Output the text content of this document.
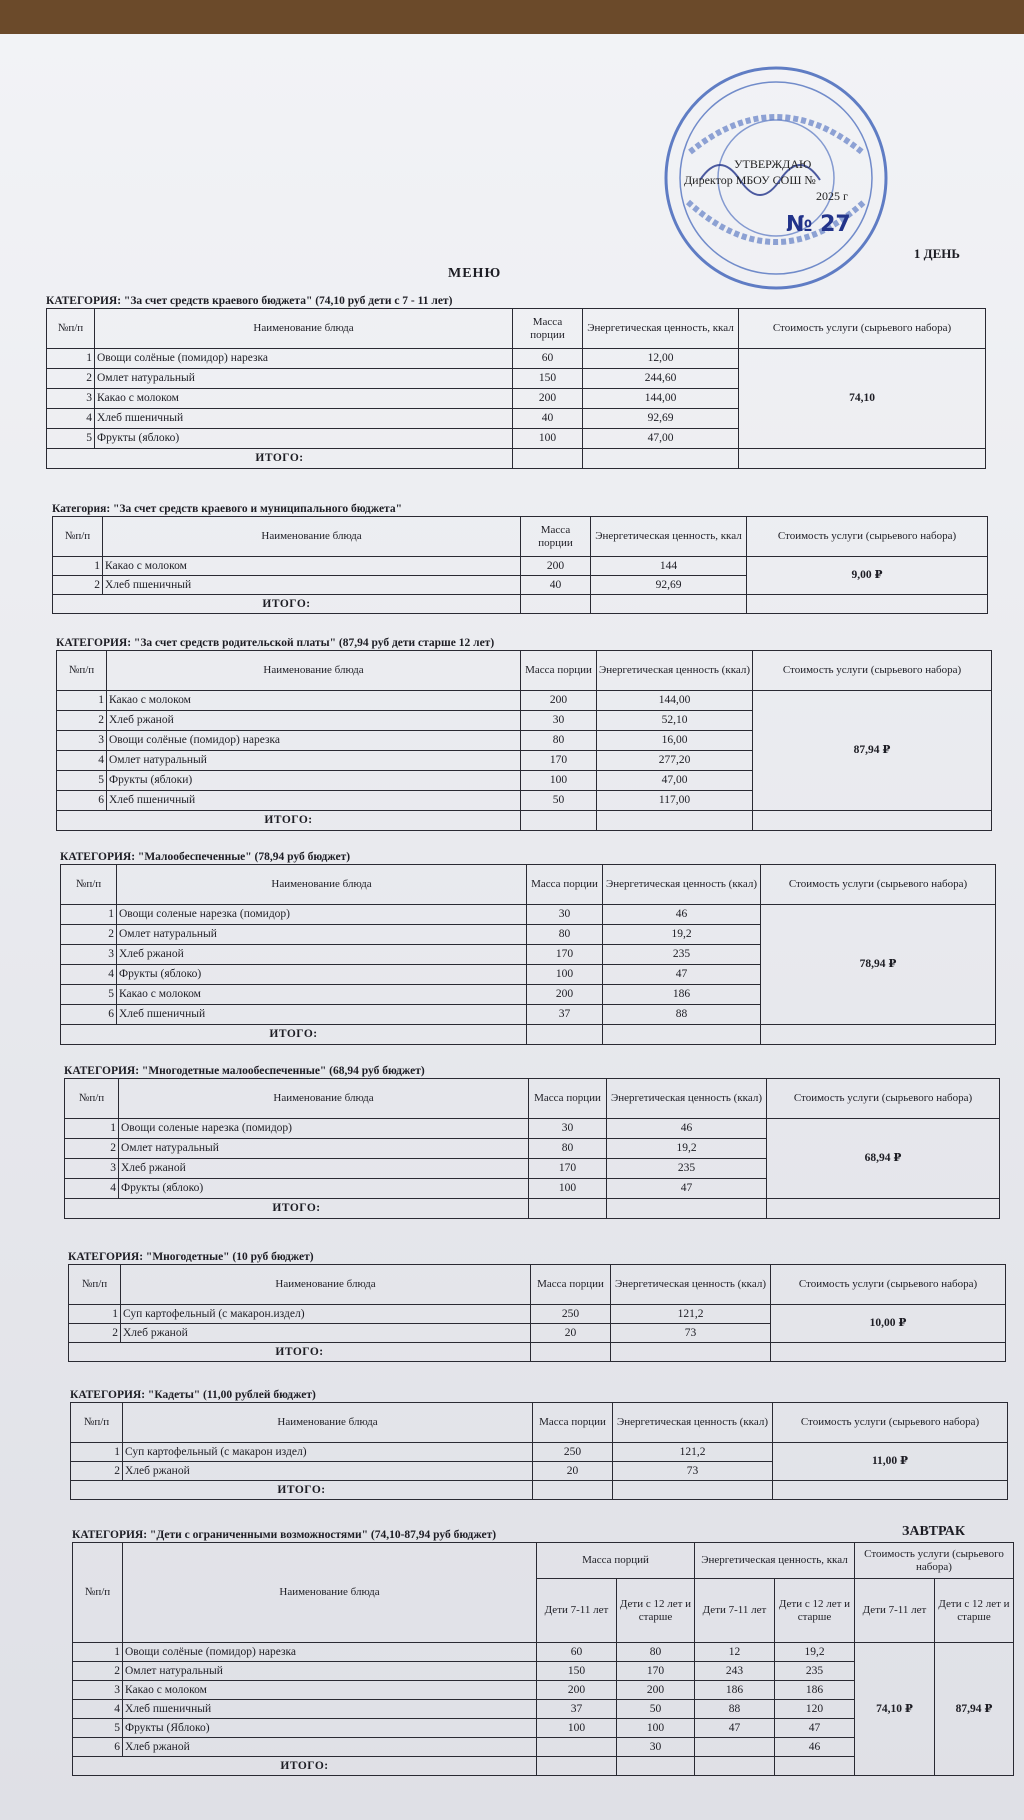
УТВЕРЖДАЮ
Директор МБОУ СОШ №
2025 г
№ 27
1 ДЕНЬ
МЕНЮ
КАТЕГОРИЯ: "За счет средств краевого бюджета" (74,10 руб дети с 7 - 11 лет)
№п/п	Наименование блюда	Масса порции	Энергетическая ценность, ккал	Стоимость услуги (сырьевого набора)
1	Овощи солёные (помидор) нарезка	60	12,00	74,10
2	Омлет натуральный	150	244,60	
3	Какао с молоком	200	144,00	
4	Хлеб пшеничный	40	92,69	
5	Фрукты (яблоко)	100	47,00	
ИТОГО:				
Категория: "За счет средств краевого и муниципального бюджета"
№п/п	Наименование блюда	Масса порции	Энергетическая ценность, ккал	Стоимость услуги (сырьевого набора)
1	Какао с молоком	200	144	9,00 ₽
2	Хлеб пшеничный	40	92,69	
ИТОГО:				
КАТЕГОРИЯ: "За счет средств родительской платы" (87,94 руб дети старше 12 лет)
№п/п	Наименование блюда	Масса порции	Энергетическая ценность (ккал)	Стоимость услуги (сырьевого набора)
1	Какао с молоком	200	144,00	87,94 ₽
2	Хлеб ржаной	30	52,10	
3	Овощи солёные (помидор) нарезка	80	16,00	
4	Омлет натуральный	170	277,20	
5	Фрукты (яблоки)	100	47,00	
6	Хлеб пшеничный	50	117,00	
ИТОГО:				
КАТЕГОРИЯ: "Малообеспеченные" (78,94 руб бюджет)
№п/п	Наименование блюда	Масса порции	Энергетическая ценность (ккал)	Стоимость услуги (сырьевого набора)
1	Овощи соленые нарезка (помидор)	30	46	78,94 ₽
2	Омлет натуральный	80	19,2	
3	Хлеб ржаной	170	235	
4	Фрукты (яблоко)	100	47	
5	Какао с молоком	200	186	
6	Хлеб пшеничный	37	88	
ИТОГО:				
КАТЕГОРИЯ: "Многодетные малообеспеченные" (68,94 руб бюджет)
№п/п	Наименование блюда	Масса порции	Энергетическая ценность (ккал)	Стоимость услуги (сырьевого набора)
1	Овощи соленые нарезка (помидор)	30	46	68,94 ₽
2	Омлет натуральный	80	19,2	
3	Хлеб ржаной	170	235	
4	Фрукты (яблоко)	100	47	
ИТОГО:				
КАТЕГОРИЯ: "Многодетные" (10 руб бюджет)
№п/п	Наименование блюда	Масса порции	Энергетическая ценность (ккал)	Стоимость услуги (сырьевого набора)
1	Суп картофельный (с макарон.издел)	250	121,2	10,00 ₽
2	Хлеб ржаной	20	73	
ИТОГО:				
КАТЕГОРИЯ: "Кадеты" (11,00 рублей бюджет)
№п/п	Наименование блюда	Масса порции	Энергетическая ценность (ккал)	Стоимость услуги (сырьевого набора)
1	Суп картофельный (с макарон издел)	250	121,2	11,00 ₽
2	Хлеб ржаной	20	73	
ИТОГО:				
ЗАВТРАК
КАТЕГОРИЯ: "Дети с ограниченными возможностями" (74,10-87,94 руб бюджет)
№п/п	Наименование блюда	Масса порций		Энергетическая ценность, ккал		Стоимость услуги (сырьевого набора)	
		Дети 7-11 лет	Дети с 12 лет и старше	Дети 7-11 лет	Дети с 12 лет и старше	Дети 7-11 лет	Дети с 12 лет и старше
1	Овощи солёные (помидор) нарезка	60	80	12	19,2	74,10 ₽	87,94 ₽
2	Омлет натуральный	150	170	243	235		
3	Какао с молоком	200	200	186	186		
4	Хлеб пшеничный	37	50	88	120		
5	Фрукты (Яблоко)	100	100	47	47		
6	Хлеб ржаной		30		46		
ИТОГО:							
